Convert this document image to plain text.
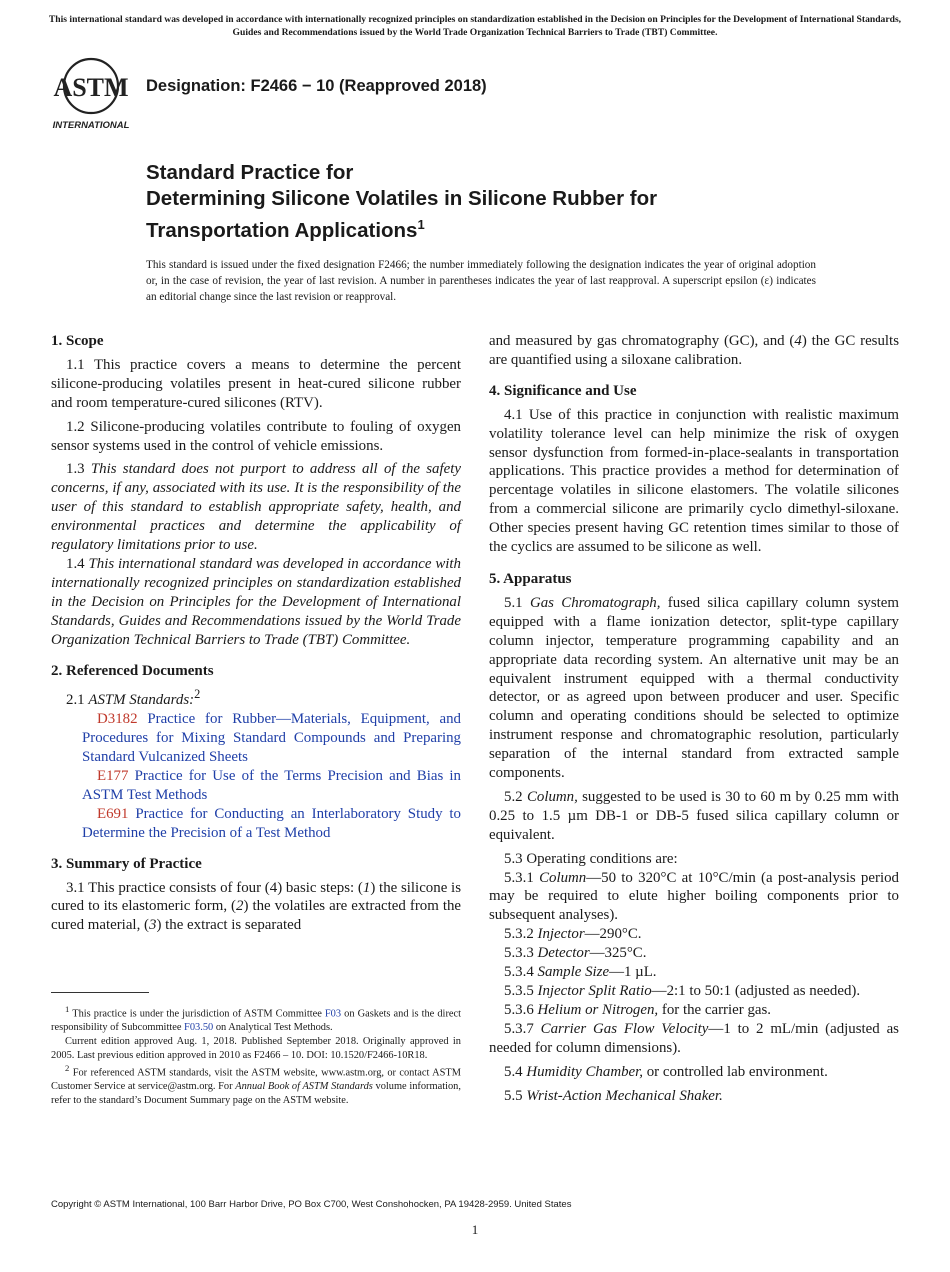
This international standard was developed in accordance with internationally recognized principles on standardization established in the Decision on Principles for the Development of International Standards, Guides and Recommendations issued by the World Trade Organization Technical Barriers to Trade (TBT) Committee.
ASTM
INTERNATIONAL
Designation: F2466 − 10 (Reapproved 2018)
Standard Practice for
Determining Silicone Volatiles in Silicone Rubber for
Transportation Applications$^1$
This standard is issued under the fixed designation F2466; the number immediately following the designation indicates the year of original adoption or, in the case of revision, the year of last revision. A number in parentheses indicates the year of last reapproval. A superscript epsilon (ε) indicates an editorial change since the last revision or reapproval.
1. Scope

1.1 This practice covers a means to determine the percent silicone-producing volatiles present in heat-cured silicone rubber and room temperature-cured silicones (RTV).

1.2 Silicone-producing volatiles contribute to fouling of oxygen sensor systems used in the control of vehicle emissions.

1.3 This standard does not purport to address all of the safety concerns, if any, associated with its use. It is the responsibility of the user of this standard to establish appropriate safety, health, and environmental practices and determine the applicability of regulatory limitations prior to use.

1.4 This international standard was developed in accordance with internationally recognized principles on standardization established in the Decision on Principles for the Development of International Standards, Guides and Recommendations issued by the World Trade Organization Technical Barriers to Trade (TBT) Committee.

2. Referenced Documents

2.1 ASTM Standards:$^2$

D3182 Practice for Rubber—Materials, Equipment, and Procedures for Mixing Standard Compounds and Preparing Standard Vulcanized Sheets

E177 Practice for Use of the Terms Precision and Bias in ASTM Test Methods

E691 Practice for Conducting an Interlaboratory Study to Determine the Precision of a Test Method

3. Summary of Practice

3.1 This practice consists of four (4) basic steps: (1) the silicone is cured to its elastomeric form, (2) the volatiles are extracted from the cured material, (3) the extract is separated

$^1$ This practice is under the jurisdiction of ASTM Committee F03 on Gaskets and is the direct responsibility of Subcommittee F03.50 on Analytical Test Methods.

Current edition approved Aug. 1, 2018. Published September 2018. Originally approved in 2005. Last previous edition approved in 2010 as F2466 – 10. DOI: 10.1520/F2466-10R18.

$^2$ For referenced ASTM standards, visit the ASTM website, www.astm.org, or contact ASTM Customer Service at service@astm.org. For Annual Book of ASTM Standards volume information, refer to the standard’s Document Summary page on the ASTM website.

and measured by gas chromatography (GC), and (4) the GC results are quantified using a siloxane calibration.

4. Significance and Use

4.1 Use of this practice in conjunction with realistic maximum volatility tolerance level can help minimize the risk of oxygen sensor dysfunction from formed-in-place-sealants in transportation applications. This practice provides a method for determination of percentage volatiles in silicone elastomers. The volatile silicones from a commercial silicone are primarily cyclo dimethyl-siloxane. Other species present having GC retention times similar to those of the cyclics are assumed to be silicone as well.

5. Apparatus

5.1 Gas Chromatograph, fused silica capillary column system equipped with a flame ionization detector, split-type capillary column injector, temperature programming capability and an appropriate data recording system. An alternative unit may be an equivalent instrument equipped with a thermal conductivity detector, or as agreed upon between producer and user. Specific column and operating conditions should be selected to optimize instrument response and chromatographic resolution, particularly separation of the internal standard from extracted sample components.

5.2 Column, suggested to be used is 30 to 60 m by 0.25 mm with 0.25 to 1.5 µm DB-1 or DB-5 fused silica capillary column or equivalent.

5.3 Operating conditions are:

5.3.1 Column—50 to 320°C at 10°C/min (a post-analysis period may be required to elute higher boiling components prior to subsequent analyses).

5.3.2 Injector—290°C.

5.3.3 Detector—325°C.

5.3.4 Sample Size—1 µL.

5.3.5 Injector Split Ratio—2:1 to 50:1 (adjusted as needed).

5.3.6 Helium or Nitrogen, for the carrier gas.

5.3.7 Carrier Gas Flow Velocity—1 to 2 mL/min (adjusted as needed for column dimensions).

5.4 Humidity Chamber, or controlled lab environment.

5.5 Wrist-Action Mechanical Shaker.

Copyright © ASTM International, 100 Barr Harbor Drive, PO Box C700, West Conshohocken, PA 19428-2959. United States
1
